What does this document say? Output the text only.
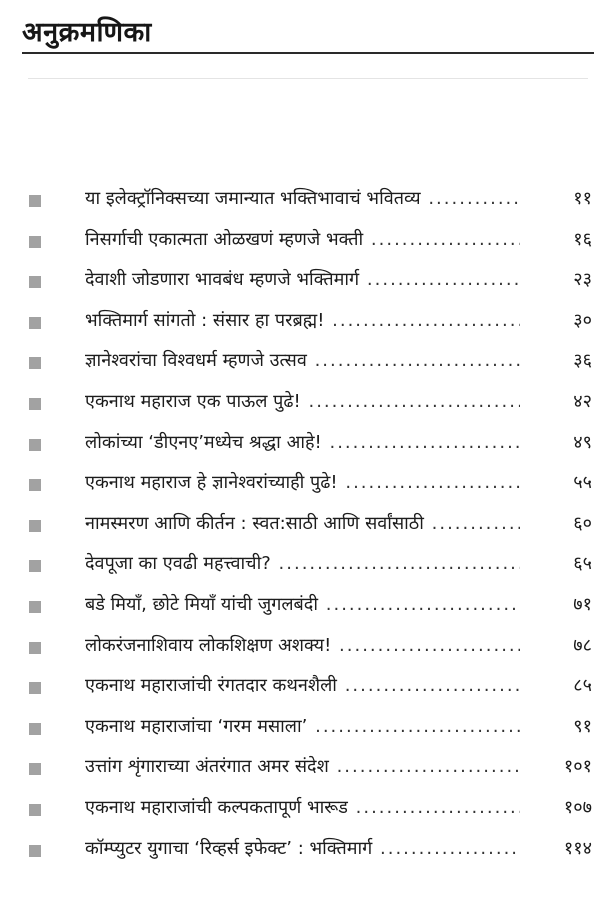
अनुक्रमणिका
या इलेक्ट्रॉनिक्सच्या जमान्यात भक्तिभावाचं भवितव्य .....	११
निसर्गाची एकात्मता ओळखणं म्हणजे भक्ती .....	१६
देवाशी जोडणारा भावबंध म्हणजे भक्तिमार्ग .....	२३
भक्तिमार्ग सांगतो : संसार हा परब्रह्म! .....	३०
ज्ञानेश्वरांचा विश्वधर्म म्हणजे उत्सव .....	३६
एकनाथ महाराज एक पाऊल पुढे! .....	४२
लोकांच्या ‘डीएनए’मध्येच श्रद्धा आहे! .....	४९
एकनाथ महाराज हे ज्ञानेश्वरांच्याही पुढे! .....	५५
नामस्मरण आणि कीर्तन : स्वत:साठी आणि सर्वांसाठी .....	६०
देवपूजा का एवढी महत्त्वाची? .....	६५
बडे मियाँ, छोटे मियाँ यांची जुगलबंदी .....	७१
लोकरंजनाशिवाय लोकशिक्षण अशक्य! .....	७८
एकनाथ महाराजांची रंगतदार कथनशैली .....	८५
एकनाथ महाराजांचा ‘गरम मसाला’ .....	९१
उत्तांग शृंगाराच्या अंतरंगात अमर संदेश .....	१०१
एकनाथ महाराजांची कल्पकतापूर्ण भारूड .....	१०७
कॉम्प्युटर युगाचा ‘रिव्हर्स इफेक्ट’ : भक्तिमार्ग .....	११४
